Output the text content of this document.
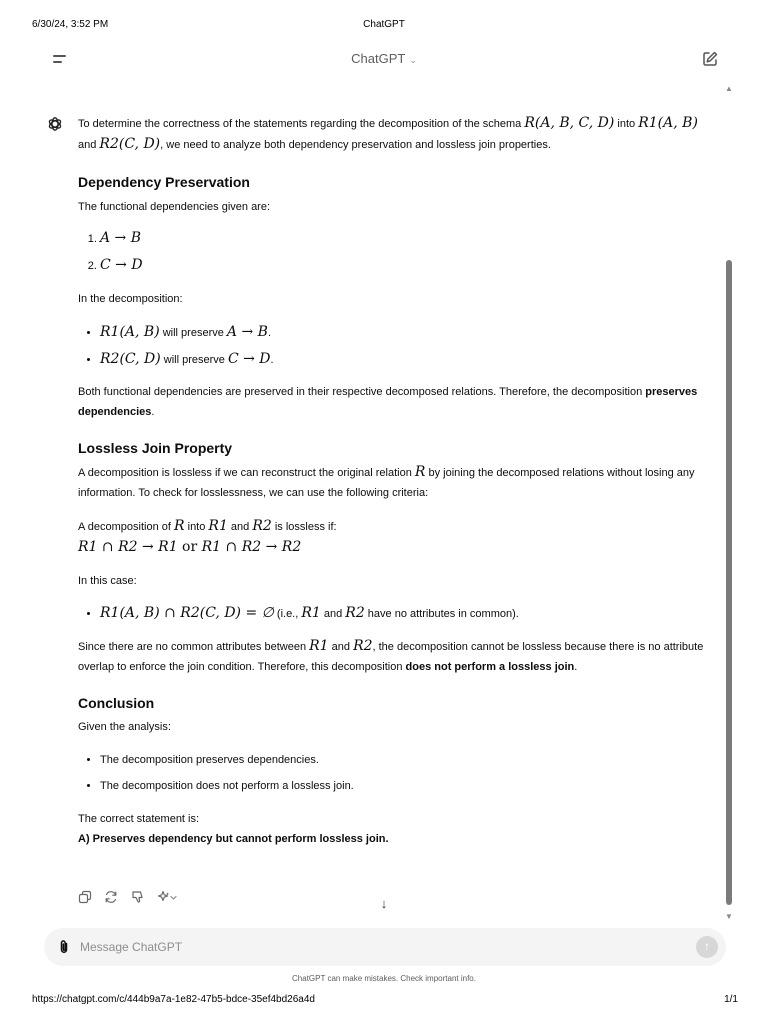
6/30/24, 3:52 PM	ChatGPT
ChatGPT ⌄
▲
▼

To determine the correctness of the statements regarding the decomposition of the schema R(A, B, C, D) into R1(A, B)
and R2(C, D), we need to analyze both dependency preservation and lossless join properties.

Dependency Preservation

The functional dependencies given are:

1. A → B
2. C → D

In the decomposition:

• R1(A, B) will preserve A → B.
• R2(C, D) will preserve C → D.

Both functional dependencies are preserved in their respective decomposed relations. Therefore, the decomposition preserves dependencies.

Lossless Join Property

A decomposition is lossless if we can reconstruct the original relation R by joining the decomposed relations without losing any information. To check for losslessness, we can use the following criteria:

A decomposition of R into R1 and R2 is lossless if:
R1 ∩ R2 → R1 or R1 ∩ R2 → R2

In this case:

• R1(A, B) ∩ R2(C, D) = ∅ (i.e., R1 and R2 have no attributes in common).

Since there are no common attributes between R1 and R2, the decomposition cannot be lossless because there is no attribute overlap to enforce the join condition. Therefore, this decomposition does not perform a lossless join.

Conclusion

Given the analysis:

• The decomposition preserves dependencies.
• The decomposition does not perform a lossless join.

The correct statement is:

A) Preserves dependency but cannot perform lossless join.

↓
Message ChatGPT
↑
ChatGPT can make mistakes. Check important info.
https://chatgpt.com/c/444b9a7a-1e82-47b5-bdce-35ef4bd26a4d	1/1
